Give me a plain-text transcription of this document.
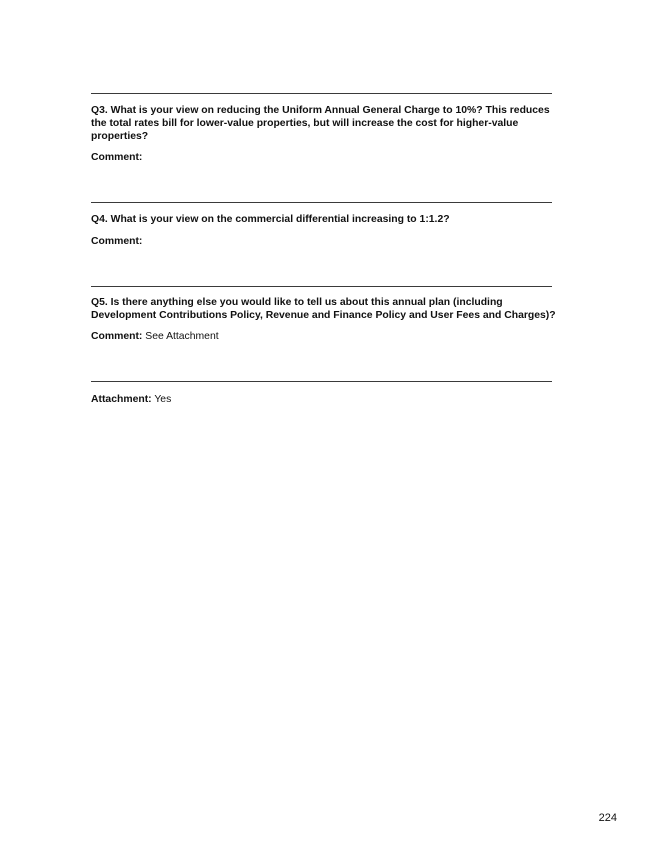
Q3. What is your view on reducing the Uniform Annual General Charge to 10%? This reduces the total rates bill for lower-value properties, but will increase the cost for higher-value properties?

Comment:

Q4. What is your view on the commercial differential increasing to 1:1.2?

Comment:

Q5. Is there anything else you would like to tell us about this annual plan (including Development Contributions Policy, Revenue and Finance Policy and User Fees and Charges)?

Comment: See Attachment

Attachment: Yes

224
